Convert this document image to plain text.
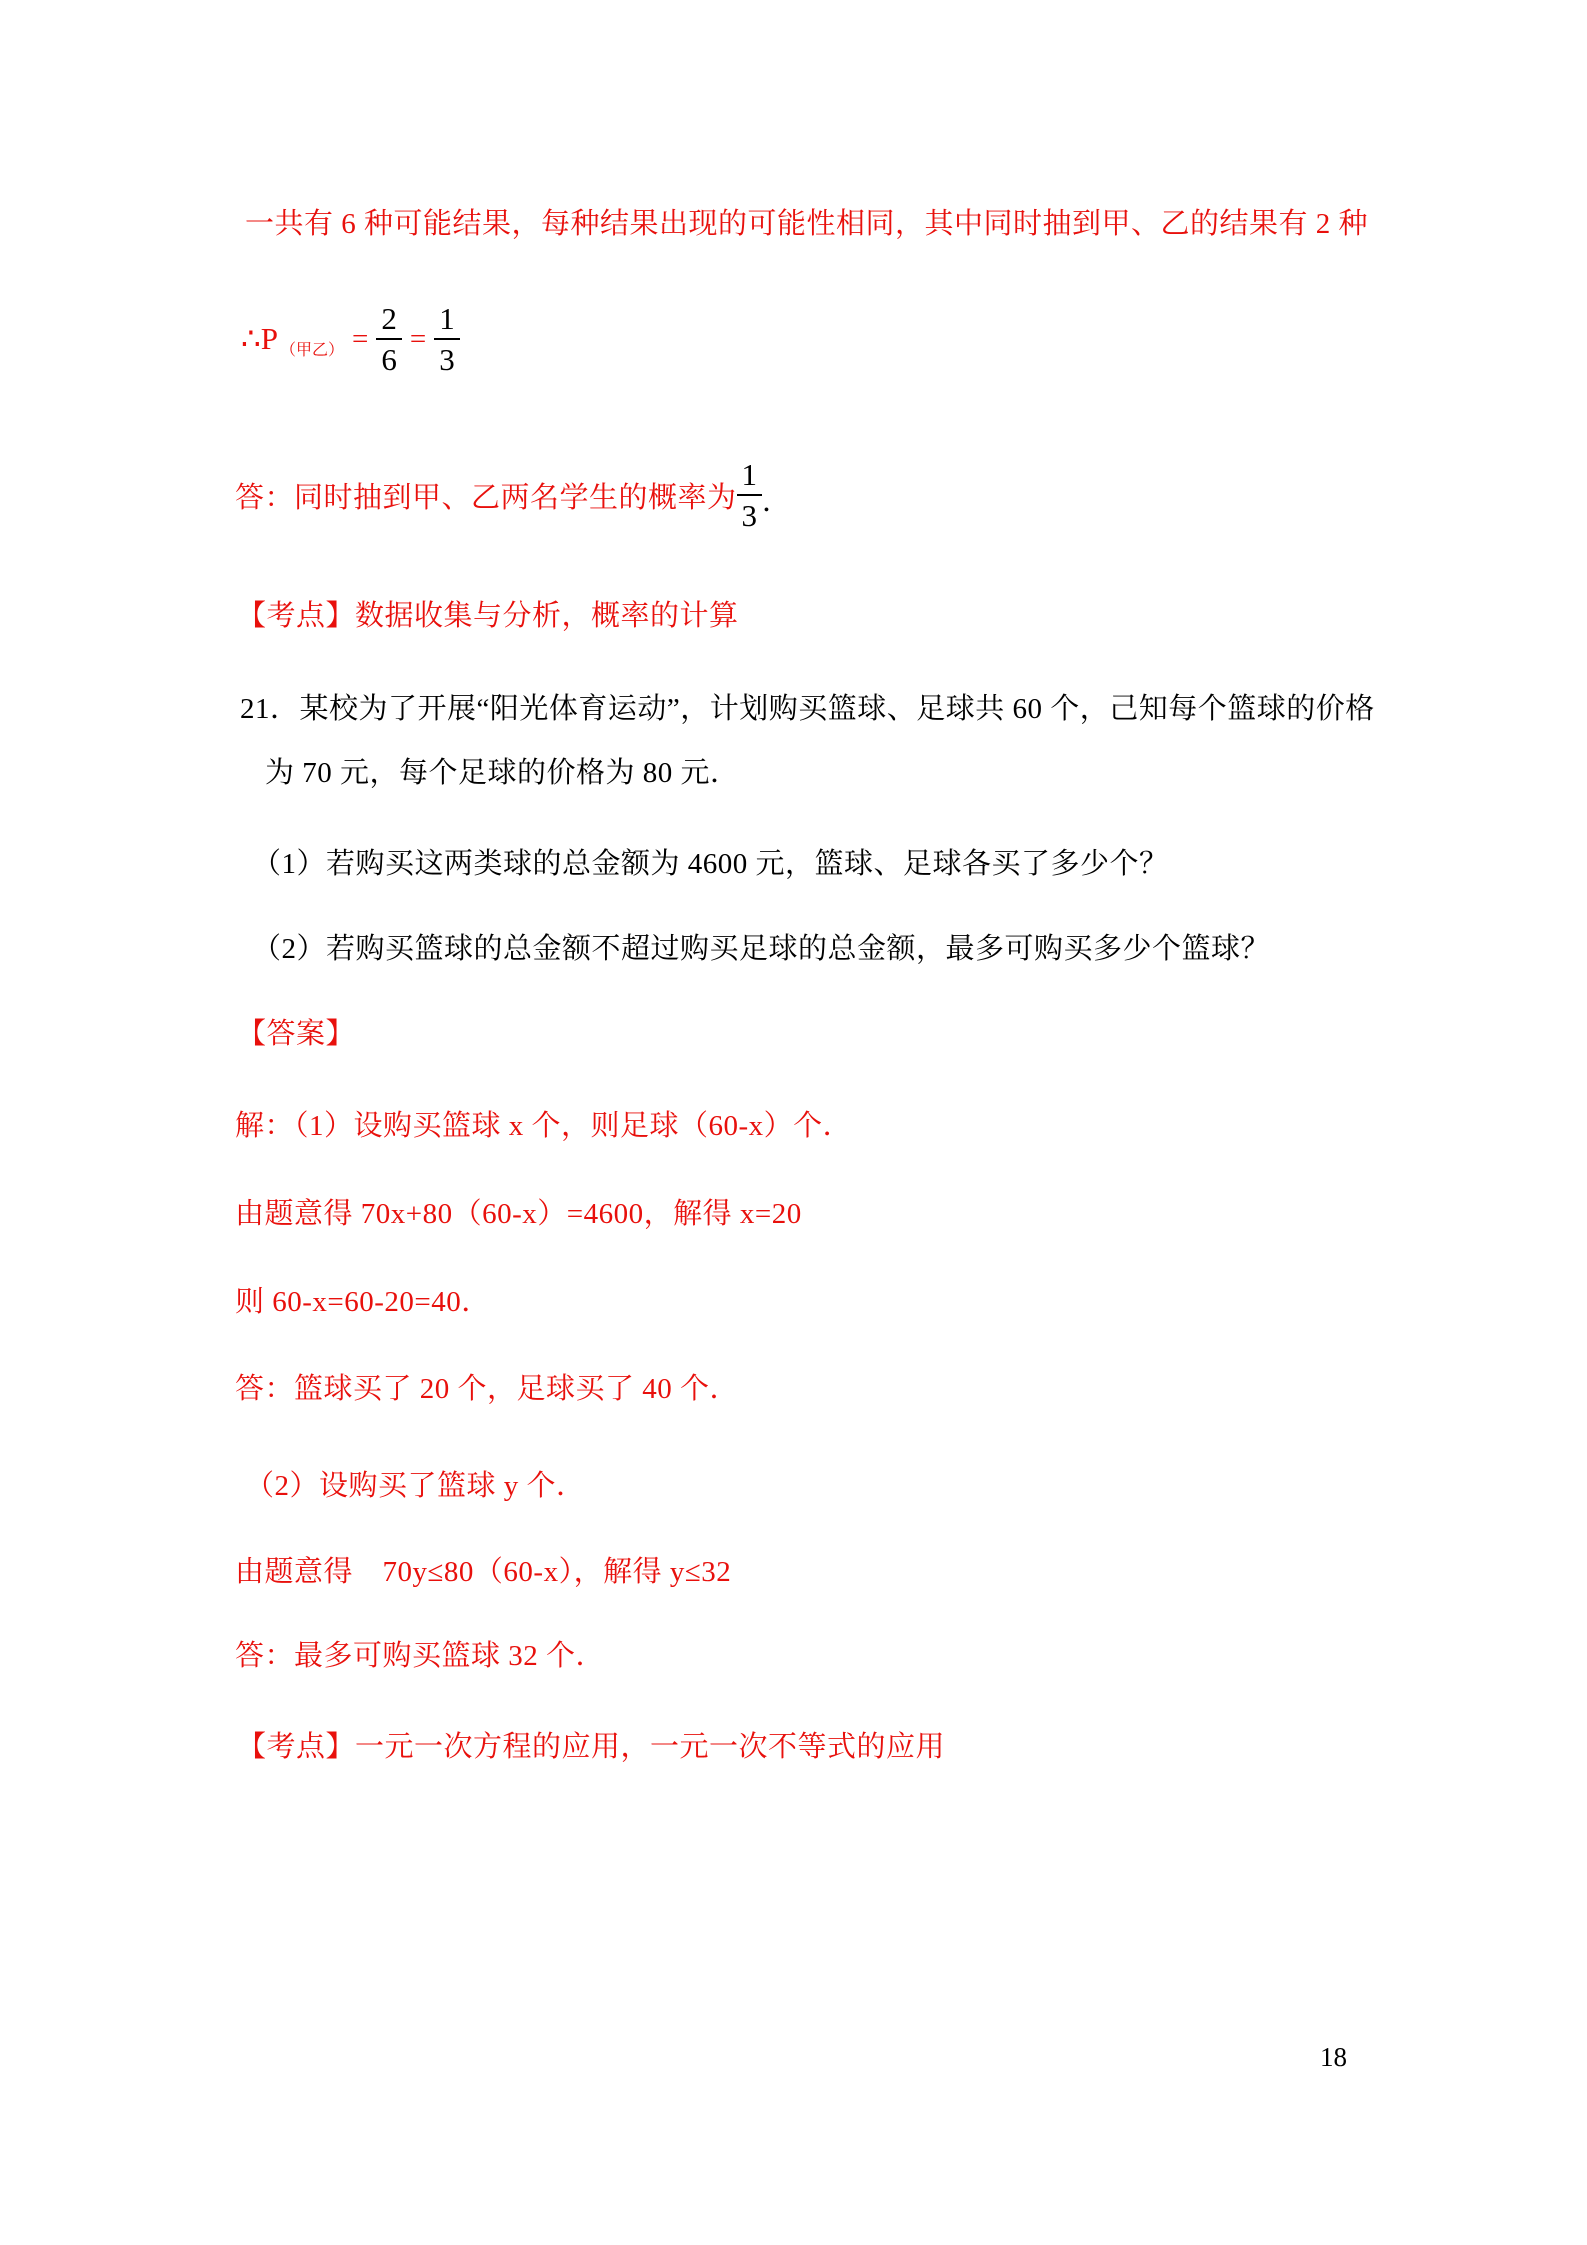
一共有 6 种可能结果，每种结果出现的可能性相同，其中同时抽到甲、乙的结果有 2 种
∴P （甲乙） = $\frac{2}{6} = \frac{1}{3}$
答：同时抽到甲、乙两名学生的概率为 $\frac{1}{3}$ ．
【考点】数据收集与分析，概率的计算
21．某校为了开展“阳光体育运动”，计划购买篮球、足球共 60 个，己知每个篮球的价格
为 70 元，每个足球的价格为 80 元．
（1）若购买这两类球的总金额为 4600 元，篮球、足球各买了多少个？
（2）若购买篮球的总金额不超过购买足球的总金额，最多可购买多少个篮球？
【答案】
解：（1）设购买篮球 x 个，则足球（60-x）个．
由题意得 70x+80（60-x）=4600，解得 x=20
则 60-x=60-20=40．
答：篮球买了 20 个，足球买了 40 个．
（2）设购买了篮球 y 个．
由题意得　70y≤80（60-x），解得 y≤32
答：最多可购买篮球 32 个．
【考点】一元一次方程的应用，一元一次不等式的应用
18
